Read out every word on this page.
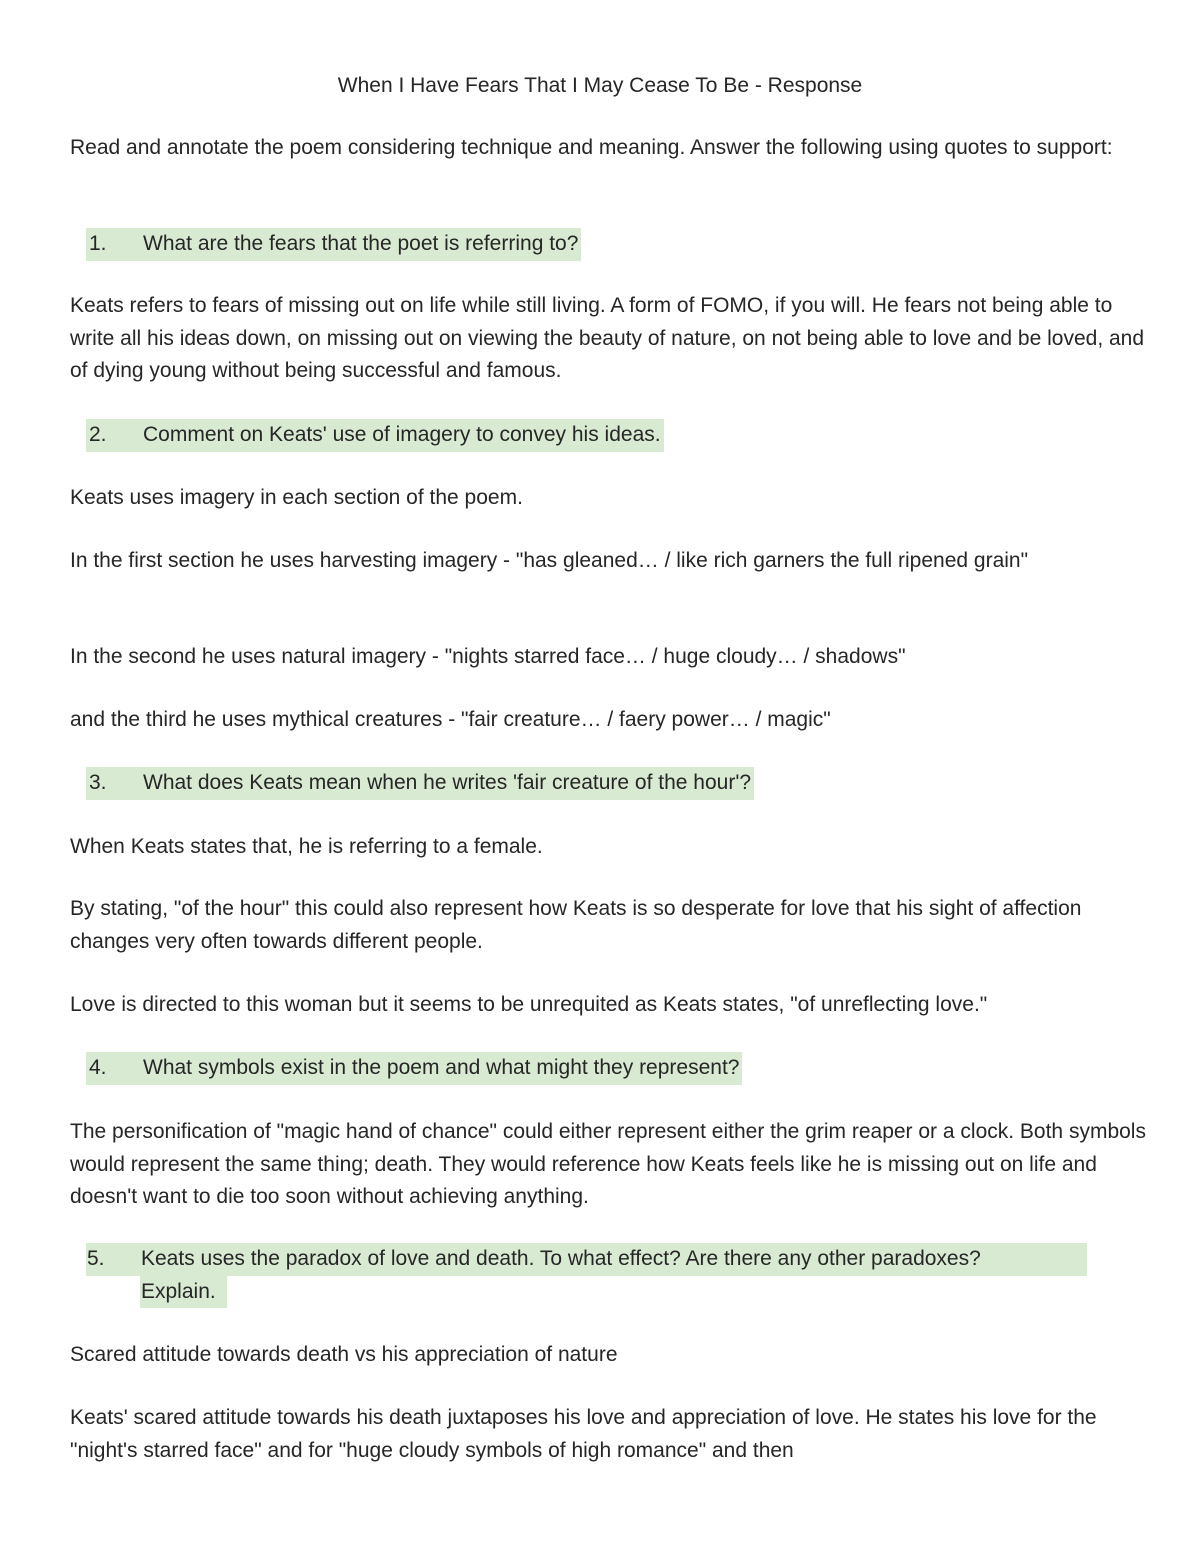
When I Have Fears That I May Cease To Be - Response

Read and annotate the poem considering technique and meaning. Answer the following using quotes to support:

1. What are the fears that the poet is referring to?

Keats refers to fears of missing out on life while still living. A form of FOMO, if you will. He fears not being able to write all his ideas down, on missing out on viewing the beauty of nature, on not being able to love and be loved, and of dying young without being successful and famous.

2. Comment on Keats' use of imagery to convey his ideas.

Keats uses imagery in each section of the poem.

In the first section he uses harvesting imagery - "has gleaned… / like rich garners the full ripened grain"

In the second he uses natural imagery - "nights starred face… / huge cloudy… / shadows"

and the third he uses mythical creatures - "fair creature… / faery power… / magic"

3. What does Keats mean when he writes 'fair creature of the hour'?

When Keats states that, he is referring to a female.

By stating, "of the hour" this could also represent how Keats is so desperate for love that his sight of affection changes very often towards different people.

Love is directed to this woman but it seems to be unrequited as Keats states, "of unreflecting love."

4. What symbols exist in the poem and what might they represent?

The personification of "magic hand of chance" could either represent either the grim reaper or a clock. Both symbols would represent the same thing; death. They would reference how Keats feels like he is missing out on life and doesn't want to die too soon without achieving anything.

5. Keats uses the paradox of love and death. To what effect? Are there any other paradoxes?
Explain.

Scared attitude towards death vs his appreciation of nature

Keats' scared attitude towards his death juxtaposes his love and appreciation of love. He states his love for the "night's starred face" and for "huge cloudy symbols of high romance" and then
